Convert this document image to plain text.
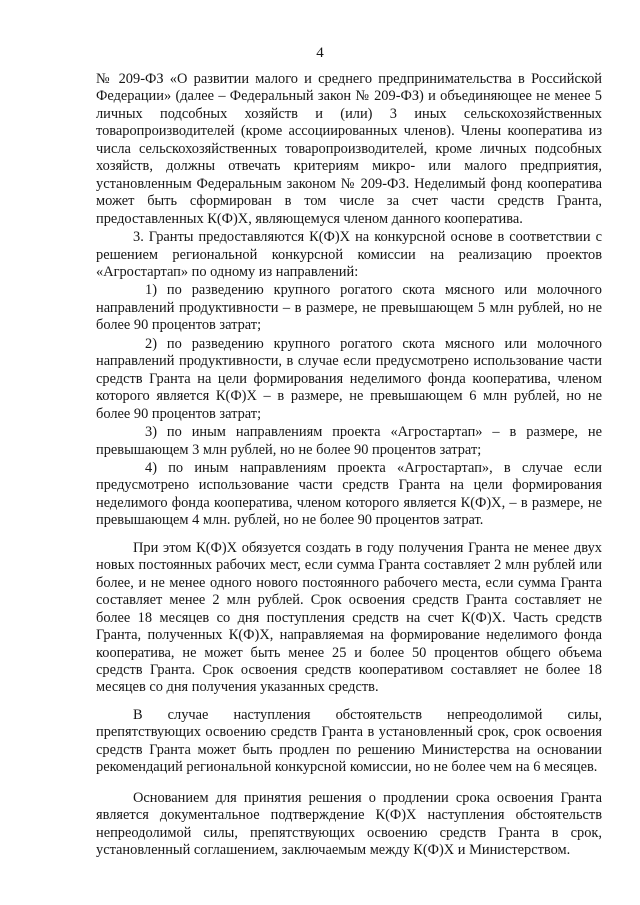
4

№ 209-ФЗ «О развитии малого и среднего предпринимательства в Российской Федерации» (далее – Федеральный закон № 209-ФЗ) и объединяющее не менее 5 личных подсобных хозяйств и (или) 3 иных сельскохозяйственных товаропроизводителей (кроме ассоциированных членов). Члены кооператива из числа сельскохозяйственных товаропроизводителей, кроме личных подсобных хозяйств, должны отвечать критериям микро- или малого предприятия, установленным Федеральным законом № 209-ФЗ. Неделимый фонд кооператива может быть сформирован в том числе за счет части средств Гранта, предоставленных К(Ф)Х, являющемуся членом данного кооператива.

3. Гранты предоставляются К(Ф)Х на конкурсной основе в соответствии с решением региональной конкурсной комиссии на реализацию проектов «Агростартап» по одному из направлений:

1) по разведению крупного рогатого скота мясного или молочного направлений продуктивности – в размере, не превышающем 5 млн рублей, но не более 90 процентов затрат;

2) по разведению крупного рогатого скота мясного или молочного направлений продуктивности, в случае если предусмотрено использование части средств Гранта на цели формирования неделимого фонда кооператива, членом которого является К(Ф)Х – в размере, не превышающем 6 млн рублей, но не более 90 процентов затрат;

3) по иным направлениям проекта «Агростартап» – в размере, не превышающем 3 млн рублей, но не более 90 процентов затрат;

4) по иным направлениям проекта «Агростартап», в случае если предусмотрено использование части средств Гранта на цели формирования неделимого фонда кооператива, членом которого является К(Ф)Х, – в размере, не превышающем 4 млн. рублей, но не более 90 процентов затрат.

При этом К(Ф)Х обязуется создать в году получения Гранта не менее двух новых постоянных рабочих мест, если сумма Гранта составляет 2 млн рублей или более, и не менее одного нового постоянного рабочего места, если сумма Гранта составляет менее 2 млн рублей. Срок освоения средств Гранта составляет не более 18 месяцев со дня поступления средств на счет К(Ф)Х. Часть средств Гранта, полученных К(Ф)Х, направляемая на формирование неделимого фонда кооператива, не может быть менее 25 и более 50 процентов общего объема средств Гранта. Срок освоения средств кооперативом составляет не более 18 месяцев со дня получения указанных средств.

В случае наступления обстоятельств непреодолимой силы, препятствующих освоению средств Гранта в установленный срок, срок освоения средств Гранта может быть продлен по решению Министерства на основании рекомендаций региональной конкурсной комиссии, но не более чем на 6 месяцев.

Основанием для принятия решения о продлении срока освоения Гранта является документальное подтверждение К(Ф)Х наступления обстоятельств непреодолимой силы, препятствующих освоению средств Гранта в срок, установленный соглашением, заключаемым между К(Ф)Х и Министерством.
